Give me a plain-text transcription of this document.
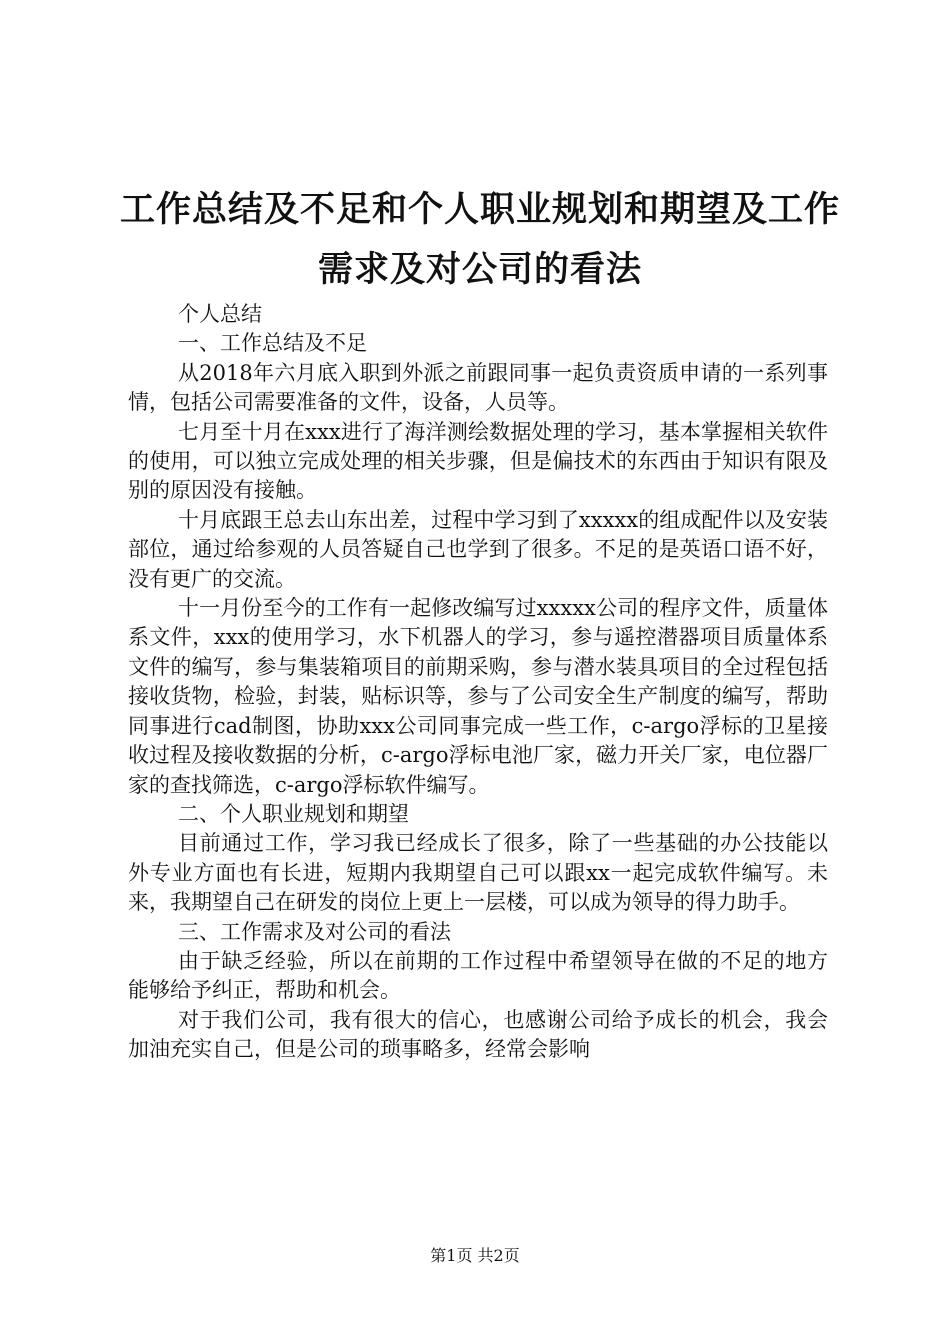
工作总结及不足和个人职业规划和期望及工作
需求及对公司的看法

个人总结

一、工作总结及不足

从2018年六月底入职到外派之前跟同事一起负责资质申请的一系列事情，包括公司需要准备的文件，设备，人员等。

七月至十月在xxx进行了海洋测绘数据处理的学习，基本掌握相关软件的使用，可以独立完成处理的相关步骤，但是偏技术的东西由于知识有限及别的原因没有接触。

十月底跟王总去山东出差，过程中学习到了xxxxx的组成配件以及安装部位，通过给参观的人员答疑自己也学到了很多。不足的是英语口语不好，没有更广的交流。

十一月份至今的工作有一起修改编写过xxxxx公司的程序文件，质量体系文件，xxx的使用学习，水下机器人的学习，参与遥控潜器项目质量体系文件的编写，参与集装箱项目的前期采购，参与潜水装具项目的全过程包括接收货物，检验，封装，贴标识等，参与了公司安全生产制度的编写，帮助同事进行cad制图，协助xxx公司同事完成一些工作，c-argo浮标的卫星接收过程及接收数据的分析，c-argo浮标电池厂家，磁力开关厂家，电位器厂家的查找筛选，c-argo浮标软件编写。

二、个人职业规划和期望

目前通过工作，学习我已经成长了很多，除了一些基础的办公技能以外专业方面也有长进，短期内我期望自己可以跟xx一起完成软件编写。未来，我期望自己在研发的岗位上更上一层楼，可以成为领导的得力助手。

三、工作需求及对公司的看法

由于缺乏经验，所以在前期的工作过程中希望领导在做的不足的地方能够给予纠正，帮助和机会。

对于我们公司，我有很大的信心，也感谢公司给予成长的机会，我会加油充实自己，但是公司的琐事略多，经常会影响

第1页 共2页
